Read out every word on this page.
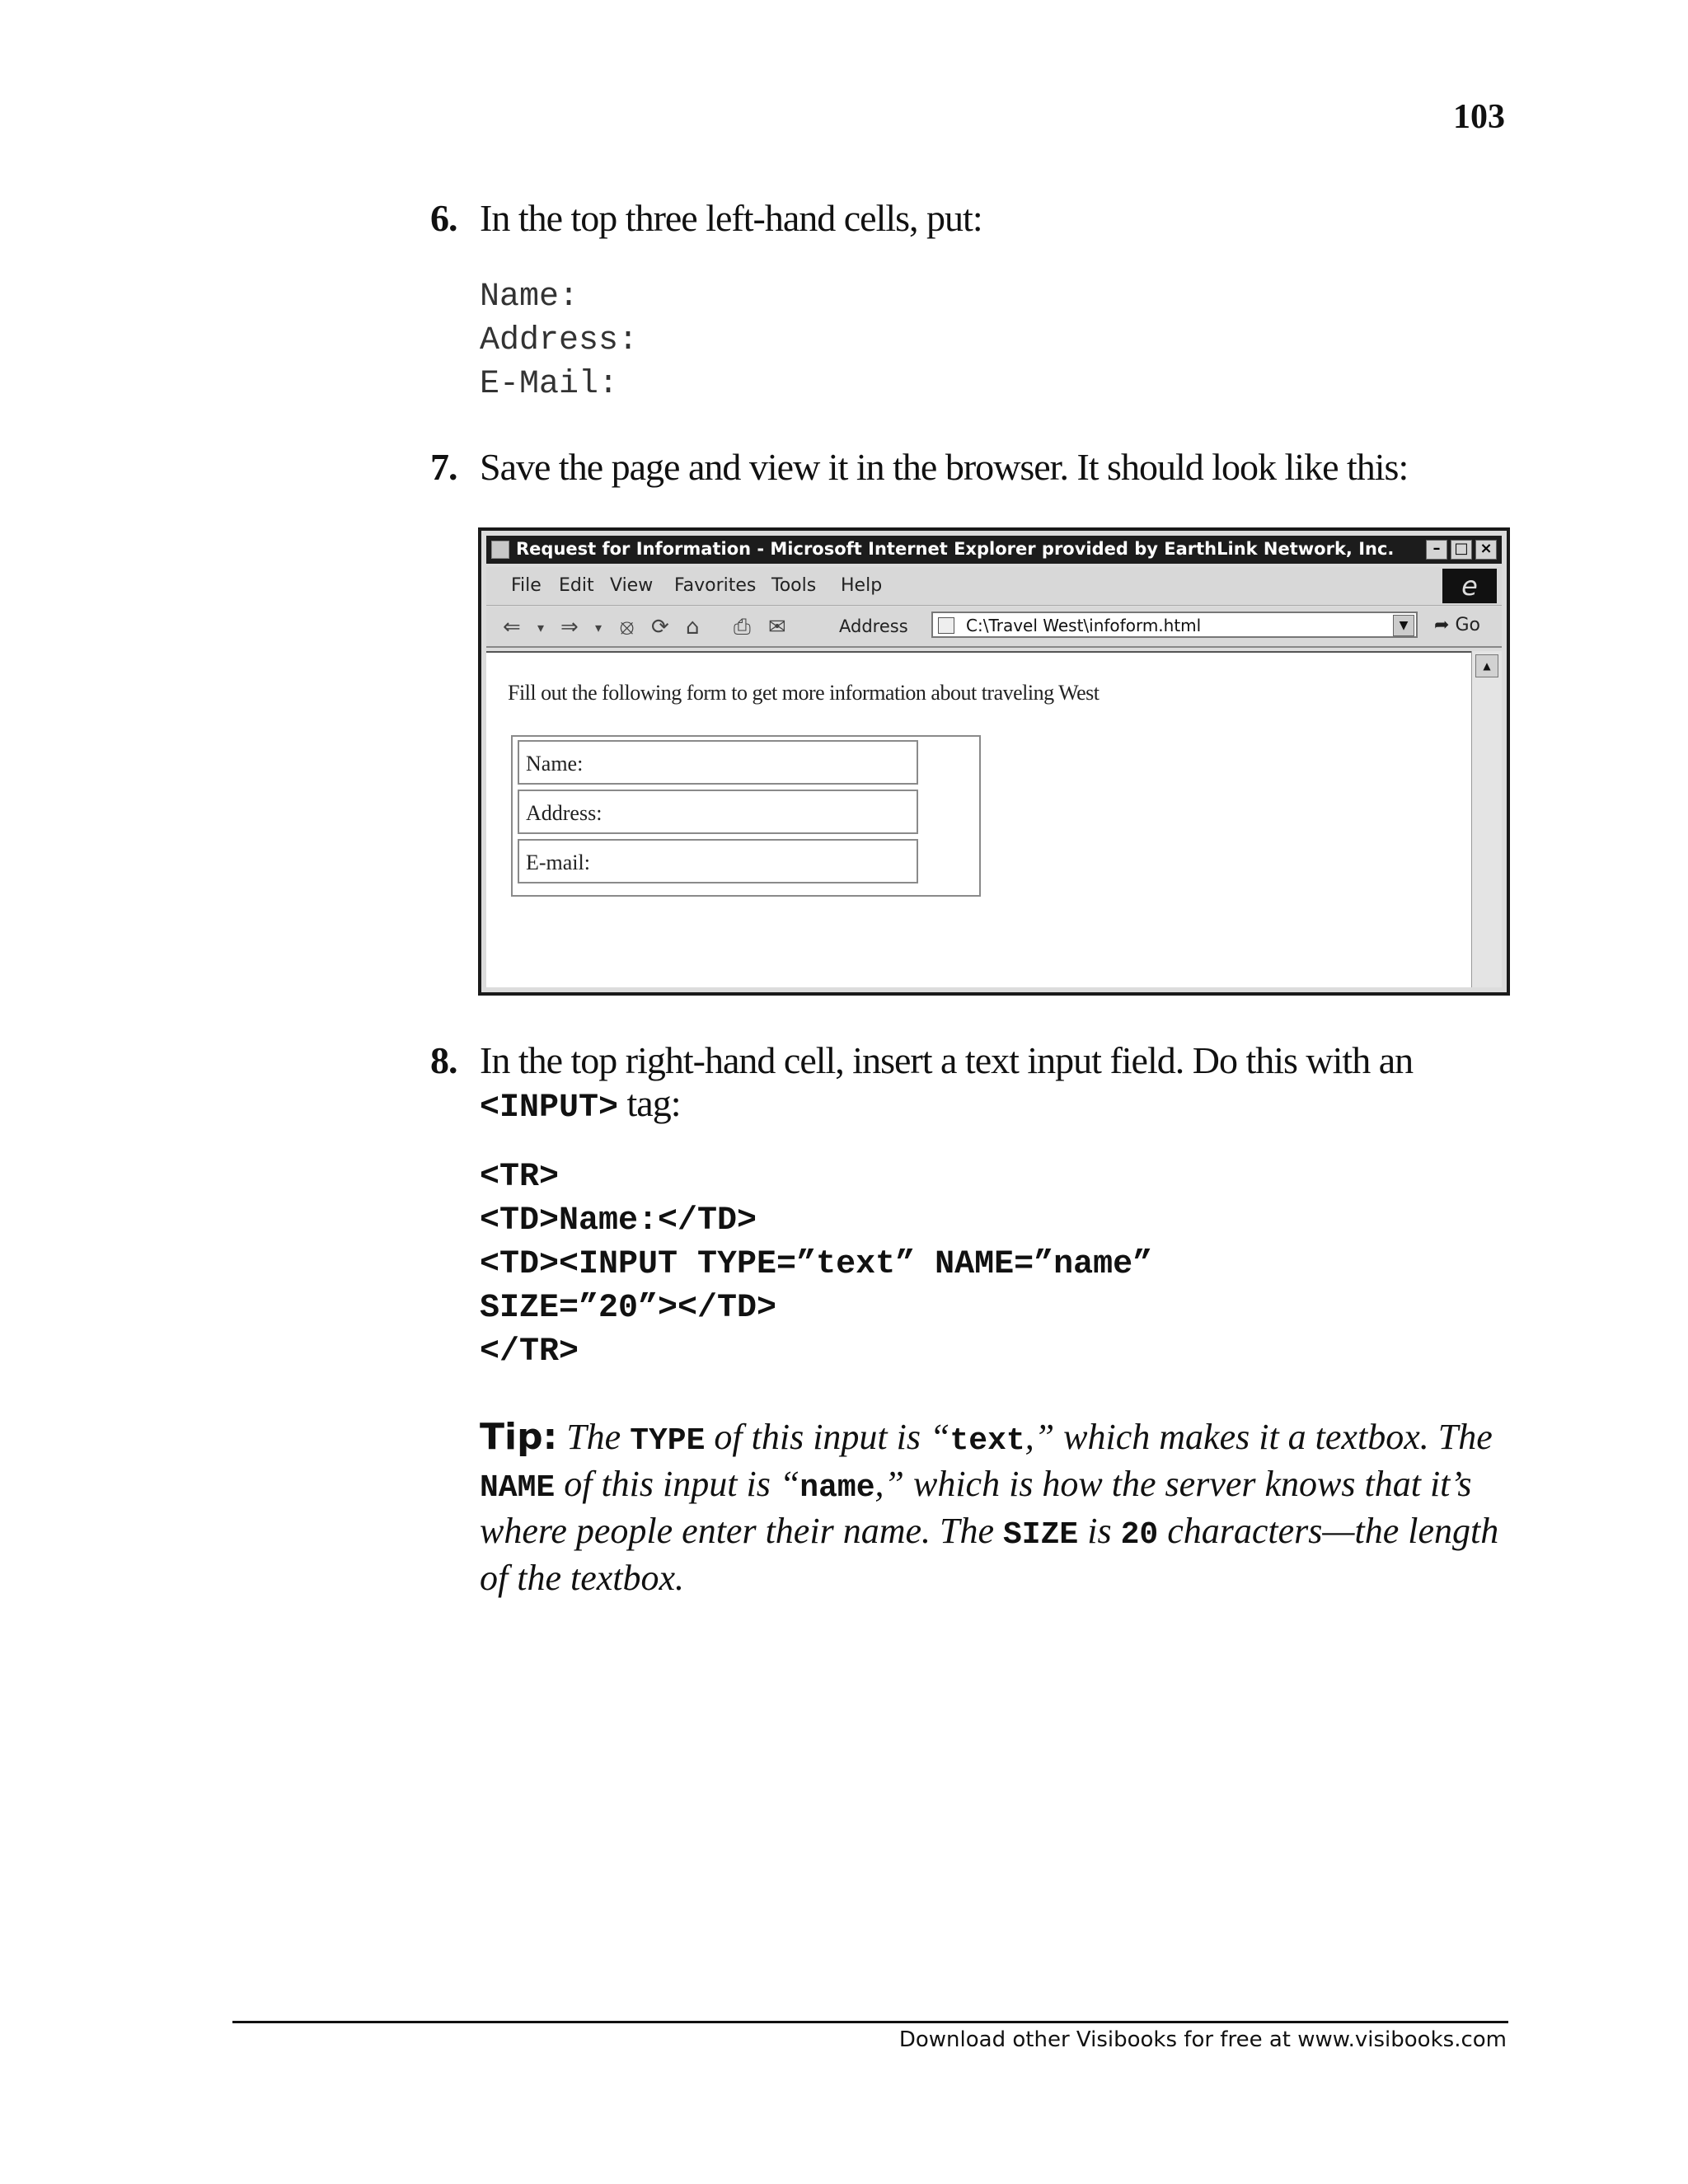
103
6. In the top three left-hand cells, put:
Name:
Address:
E-Mail:
7. Save the page and view it in the browser. It should look like this:
Request for Information - Microsoft Internet Explorer provided by EarthLink Network, Inc.	– □ ×
File Edit View Favorites Tools Help	e
⇐ ▾ ⇒ ▾ ⦻ ⟳ ⌂ ⎙ ✉	Address	C:\Travel West\infoform.html	▼	➦ Go
Fill out the following form to get more information about traveling West
Name:
Address:
E-mail:
▲
8. In the top right-hand cell, insert a text input field. Do this with an
<INPUT> tag:
<TR>
<TD>Name:</TD>
<TD><INPUT TYPE=”text” NAME=”name”
SIZE=”20”></TD>
</TR>
Tip: The TYPE of this input is “text,” which makes it a textbox. The NAME of this input is “name,” which is how the server knows that it’s where people enter their name. The SIZE is 20 characters—the length of the textbox.
Download other Visibooks for free at www.visibooks.com
